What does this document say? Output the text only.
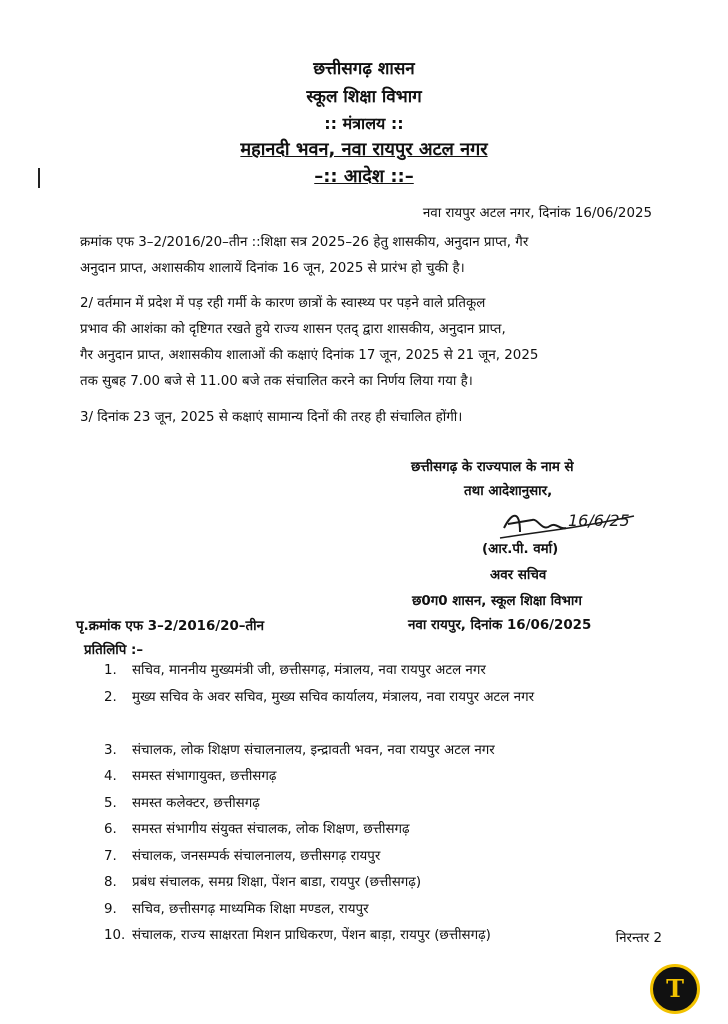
छत्तीसगढ़ शासन
स्कूल शिक्षा विभाग
:: मंत्रालय ::
महानदी भवन, नवा रायपुर अटल नगर
–:: आदेश ::–
नवा रायपुर अटल नगर, दिनांक 16/06/2025
क्रमांक एफ 3–2/2016/20–तीन ::शिक्षा सत्र 2025–26 हेतु शासकीय, अनुदान प्राप्त, गैर
अनुदान प्राप्त, अशासकीय शालायें दिनांक 16 जून, 2025 से प्रारंभ हो चुकी है।
2/ वर्तमान में प्रदेश में पड़ रही गर्मी के कारण छात्रों के स्वास्थ्य पर पड़ने वाले प्रतिकूल
प्रभाव की आशंका को दृष्टिगत रखते हुये राज्य शासन एतद् द्वारा शासकीय, अनुदान प्राप्त,
गैर अनुदान प्राप्त, अशासकीय शालाओं की कक्षाएं दिनांक 17 जून, 2025 से 21 जून, 2025
तक सुबह 7.00 बजे से 11.00 बजे तक संचालित करने का निर्णय लिया गया है।
3/ दिनांक 23 जून, 2025 से कक्षाएं सामान्य दिनों की तरह ही संचालित होंगी।
छत्तीसगढ़ के राज्यपाल के नाम से
तथा आदेशानुसार,
16/6/25
(आर.पी. वर्मा)
अवर सचिव
छ0ग0 शासन, स्कूल शिक्षा विभाग
नवा रायपुर, दिनांक 16/06/2025
पृ.क्रमांक एफ 3–2/2016/20–तीन
प्रतिलिपि :–
1.	सचिव, माननीय मुख्यमंत्री जी, छत्तीसगढ़, मंत्रालय, नवा रायपुर अटल नगर
2.	मुख्य सचिव के अवर सचिव, मुख्य सचिव कार्यालय, मंत्रालय, नवा रायपुर अटल नगर
3.	संचालक, लोक शिक्षण संचालनालय, इन्द्रावती भवन, नवा रायपुर अटल नगर
4.	समस्त संभागायुक्त, छत्तीसगढ़
5.	समस्त कलेक्टर, छत्तीसगढ़
6.	समस्त संभागीय संयुक्त संचालक, लोक शिक्षण, छत्तीसगढ़
7.	संचालक, जनसम्पर्क संचालनालय, छत्तीसगढ़ रायपुर
8.	प्रबंध संचालक, समग्र शिक्षा, पेंशन बाडा, रायपुर (छत्तीसगढ़)
9.	सचिव, छत्तीसगढ़ माध्यमिक शिक्षा मण्डल, रायपुर
10. संचालक, राज्य साक्षरता मिशन प्राधिकरण, पेंशन बाड़ा, रायपुर (छत्तीसगढ़)	निरन्तर 2
T
